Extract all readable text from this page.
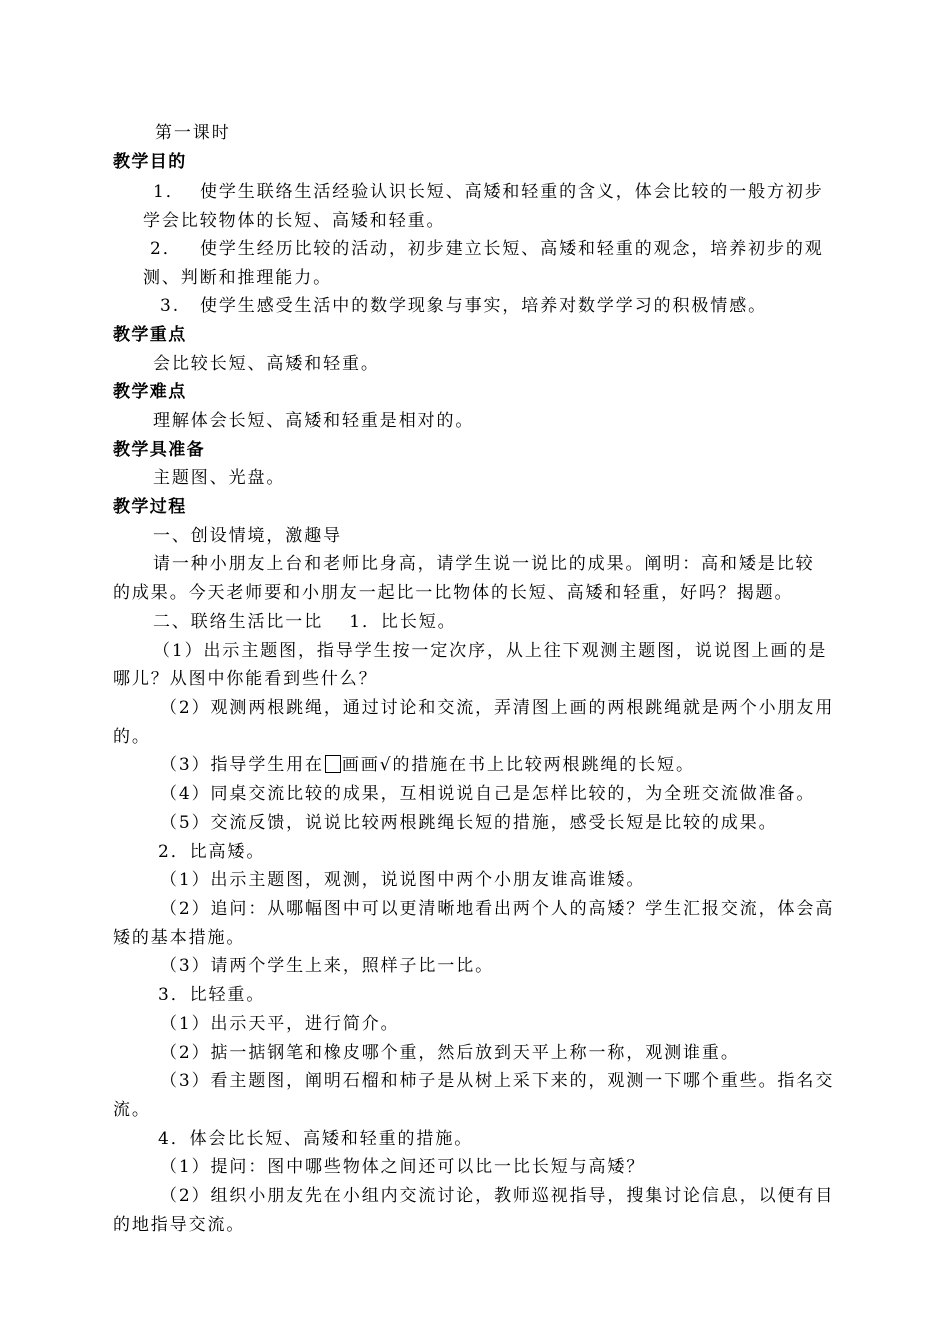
第一课时

教学目的

1． 使学生联络生活经验认识长短、高矮和轻重的含义，体会比较的一般方初步

学会比较物体的长短、高矮和轻重。

2． 使学生经历比较的活动，初步建立长短、高矮和轻重的观念，培养初步的观

测、判断和推理能力。

3. 使学生感受生活中的数学现象与事实，培养对数学学习的积极情感。

教学重点

会比较长短、高矮和轻重。

教学难点

理解体会长短、高矮和轻重是相对的。

教学具准备

主题图、光盘。

教学过程

一、创设情境，激趣导

请一种小朋友上台和老师比身高，请学生说一说比的成果。阐明：高和矮是比较

的成果。今天老师要和小朋友一起比一比物体的长短、高矮和轻重，好吗？揭题。

二、联络生活比一比　 1．比长短。

（1）出示主题图，指导学生按一定次序，从上往下观测主题图，说说图上画的是

哪儿？从图中你能看到些什么？

（2）观测两根跳绳，通过讨论和交流，弄清图上画的两根跳绳就是两个小朋友用

的。

（3）指导学生用在 画画√的措施在书上比较两根跳绳的长短。

（4）同桌交流比较的成果，互相说说自己是怎样比较的，为全班交流做准备。

（5）交流反馈，说说比较两根跳绳长短的措施，感受长短是比较的成果。

2．比高矮。

（1）出示主题图，观测，说说图中两个小朋友谁高谁矮。

（2）追问：从哪幅图中可以更清晰地看出两个人的高矮？学生汇报交流，体会高

矮的基本措施。

（3）请两个学生上来，照样子比一比。

3．比轻重。

（1）出示天平，进行简介。

（2）掂一掂钢笔和橡皮哪个重，然后放到天平上称一称，观测谁重。

（3）看主题图，阐明石榴和柿子是从树上采下来的，观测一下哪个重些。指名交

流。

4．体会比长短、高矮和轻重的措施。

（1）提问：图中哪些物体之间还可以比一比长短与高矮？

（2）组织小朋友先在小组内交流讨论，教师巡视指导，搜集讨论信息，以便有目

的地指导交流。
